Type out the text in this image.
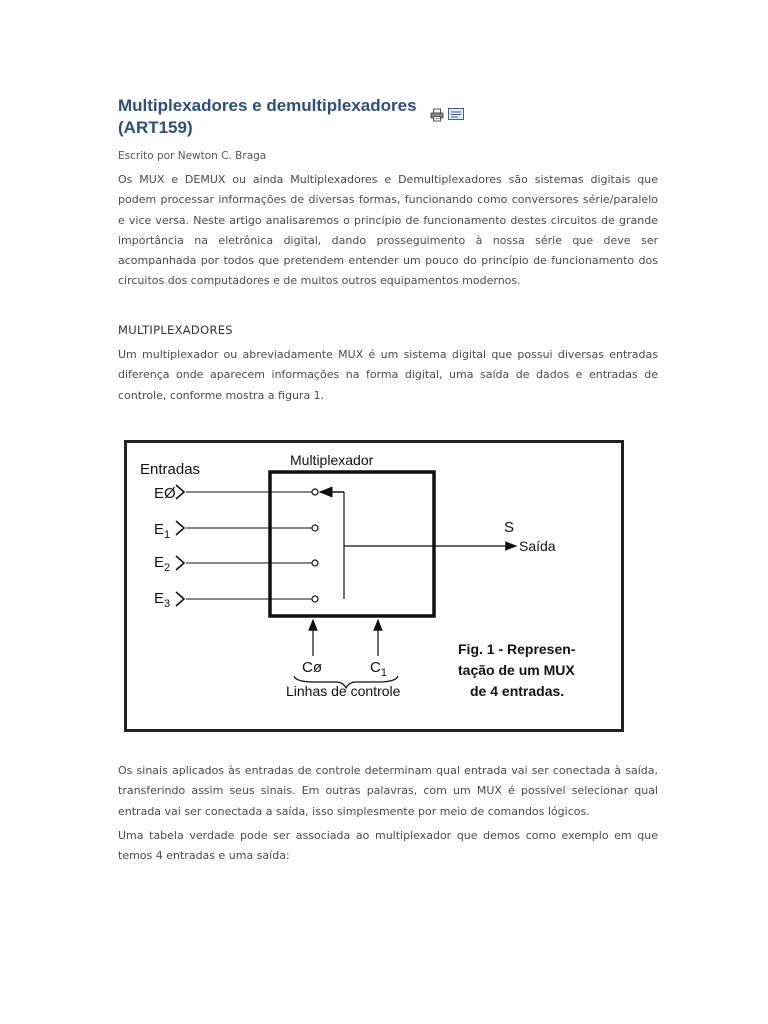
Multiplexadores e demultiplexadores
(ART159)
Escrito por Newton C. Braga

Os MUX e DEMUX ou ainda Multiplexadores e Demultiplexadores são sistemas digitais que podem processar informações de diversas formas, funcionando como conversores série/paralelo e vice versa. Neste artigo analisaremos o princípio de funcionamento destes circuitos de grande importância na eletrônica digital, dando prosseguimento à nossa série que deve ser acompanhada por todos que pretendem entender um pouco do princípio de funcionamento dos circuitos dos computadores e de muitos outros equipamentos modernos.

MULTIPLEXADORES

Um multiplexador ou abreviadamente MUX é um sistema digital que possui diversas entradas diferença onde aparecem informações na forma digital, uma saída de dados e entradas de controle, conforme mostra a figura 1.

Multiplexador
Entradas
EØ
$E_1$
$E_2$
$E_3$
S
Saída
Cø	$C_1$
Linhas de controle
Fig. 1 - Represen-
tação de um MUX
de 4 entradas.

Os sinais aplicados às entradas de controle determinam qual entrada vai ser conectada à saída, transferindo assim seus sinais. Em outras palavras, com um MUX é possível selecionar qual entrada vai ser conectada a saída, isso simplesmente por meio de comandos lógicos.

Uma tabela verdade pode ser associada ao multiplexador que demos como exemplo em que temos 4 entradas e uma saída:
